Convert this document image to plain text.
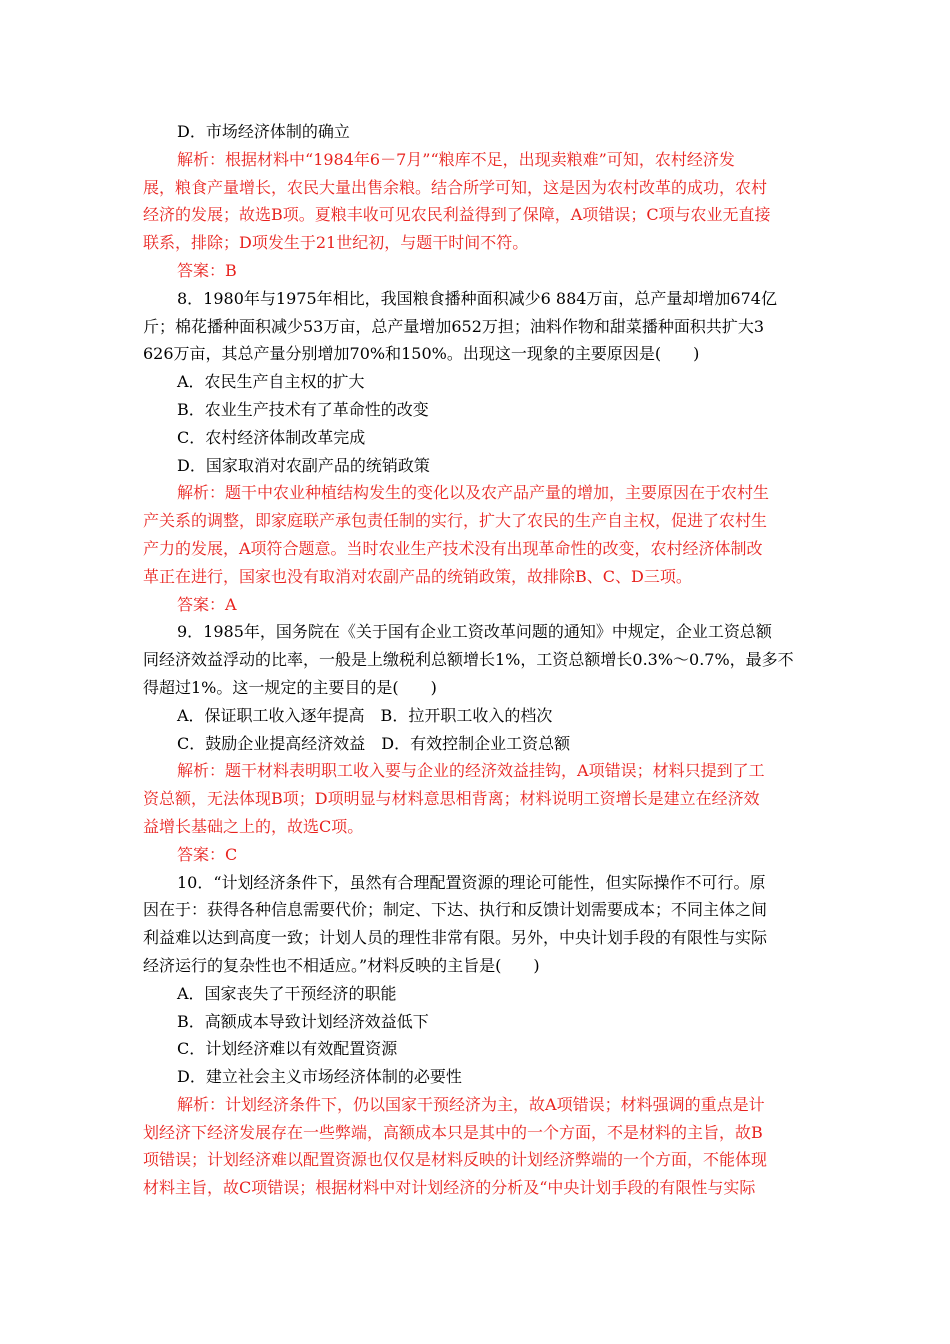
D．市场经济体制的确立
解析：根据材料中“1984年6－7月”“粮库不足，出现卖粮难”可知，农村经济发
展，粮食产量增长，农民大量出售余粮。结合所学可知，这是因为农村改革的成功，农村
经济的发展；故选B项。夏粮丰收可见农民利益得到了保障，A项错误；C项与农业无直接
联系，排除；D项发生于21世纪初，与题干时间不符。
答案：B
8．1980年与1975年相比，我国粮食播种面积减少6 884万亩，总产量却增加674亿
斤；棉花播种面积减少53万亩，总产量增加652万担；油料作物和甜菜播种面积共扩大3
626万亩，其总产量分别增加70%和150%。出现这一现象的主要原因是(　　)
A．农民生产自主权的扩大
B．农业生产技术有了革命性的改变
C．农村经济体制改革完成
D．国家取消对农副产品的统销政策
解析：题干中农业种植结构发生的变化以及农产品产量的增加，主要原因在于农村生
产关系的调整，即家庭联产承包责任制的实行，扩大了农民的生产自主权，促进了农村生
产力的发展，A项符合题意。当时农业生产技术没有出现革命性的改变，农村经济体制改
革正在进行，国家也没有取消对农副产品的统销政策，故排除B、C、D三项。
答案：A
9．1985年，国务院在《关于国有企业工资改革问题的通知》中规定，企业工资总额
同经济效益浮动的比率，一般是上缴税利总额增长1%，工资总额增长0.3%～0.7%，最多不
得超过1%。这一规定的主要目的是(　　)
A．保证职工收入逐年提高　B．拉开职工收入的档次
C．鼓励企业提高经济效益　D．有效控制企业工资总额
解析：题干材料表明职工收入要与企业的经济效益挂钩，A项错误；材料只提到了工
资总额，无法体现B项；D项明显与材料意思相背离；材料说明工资增长是建立在经济效
益增长基础之上的，故选C项。
答案：C
10．“计划经济条件下，虽然有合理配置资源的理论可能性，但实际操作不可行。原
因在于：获得各种信息需要代价；制定、下达、执行和反馈计划需要成本；不同主体之间
利益难以达到高度一致；计划人员的理性非常有限。另外，中央计划手段的有限性与实际
经济运行的复杂性也不相适应。”材料反映的主旨是(　　)
A．国家丧失了干预经济的职能
B．高额成本导致计划经济效益低下
C．计划经济难以有效配置资源
D．建立社会主义市场经济体制的必要性
解析：计划经济条件下，仍以国家干预经济为主，故A项错误；材料强调的重点是计
划经济下经济发展存在一些弊端，高额成本只是其中的一个方面，不是材料的主旨，故B
项错误；计划经济难以配置资源也仅仅是材料反映的计划经济弊端的一个方面，不能体现
材料主旨，故C项错误；根据材料中对计划经济的分析及“中央计划手段的有限性与实际
